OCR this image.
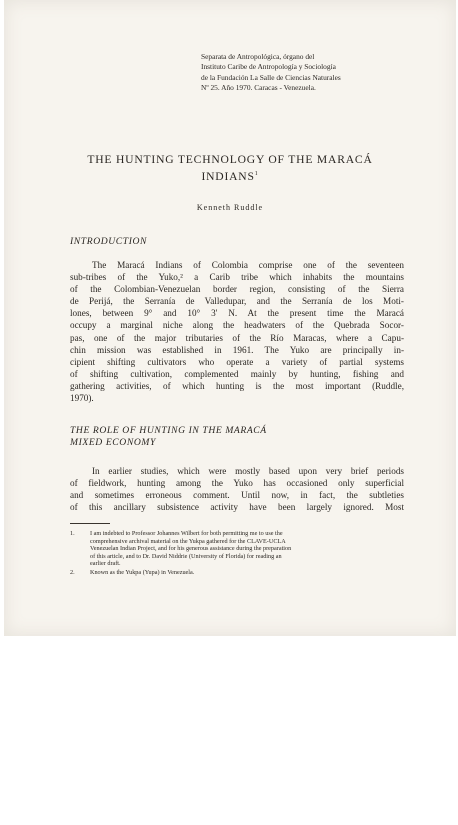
Separata de Antropológica, órgano del
Instituto Caribe de Antropología y Sociología
de la Fundación La Salle de Ciencias Naturales
Nº 25. Año 1970. Caracas - Venezuela.
THE HUNTING TECHNOLOGY OF THE MARACÁ
INDIANS$^1$
Kenneth Ruddle
INTRODUCTION
The Maracá Indians of Colombia comprise one of the seventeen
sub-tribes of the Yuko,² a Carib tribe which inhabits the mountains
of the Colombian-Venezuelan border region, consisting of the Sierra
de Perijá, the Serranía de Valledupar, and the Serranía de los Moti-
lones, between 9° and 10° 3' N. At the present time the Maracá
occupy a marginal niche along the headwaters of the Quebrada Socor-
pas, one of the major tributaries of the Río Maracas, where a Capu-
chin mission was established in 1961. The Yuko are principally in-
cipient shifting cultivators who operate a variety of partial systems
of shifting cultivation, complemented mainly by hunting, fishing and
gathering activities, of which hunting is the most important (Ruddle,
1970).
THE ROLE OF HUNTING IN THE MARACÁ
MIXED ECONOMY
In earlier studies, which were mostly based upon very brief periods
of fieldwork, hunting among the Yuko has occasioned only superficial
and sometimes erroneous comment. Until now, in fact, the subtleties
of this ancillary subsistence activity have been largely ignored. Most
1. I am indebted to Professor Johannes Wilbert for both permitting me to use the
comprehensive archival material on the Yukpa gathered for the CLAVE-UCLA
Venezuelan Indian Project, and for his generous assistance during the preparation
of this article, and to Dr. David Niddrie (University of Florida) for reading an
earlier draft.
2. Known as the Yukpa (Yupa) in Venezuela.
